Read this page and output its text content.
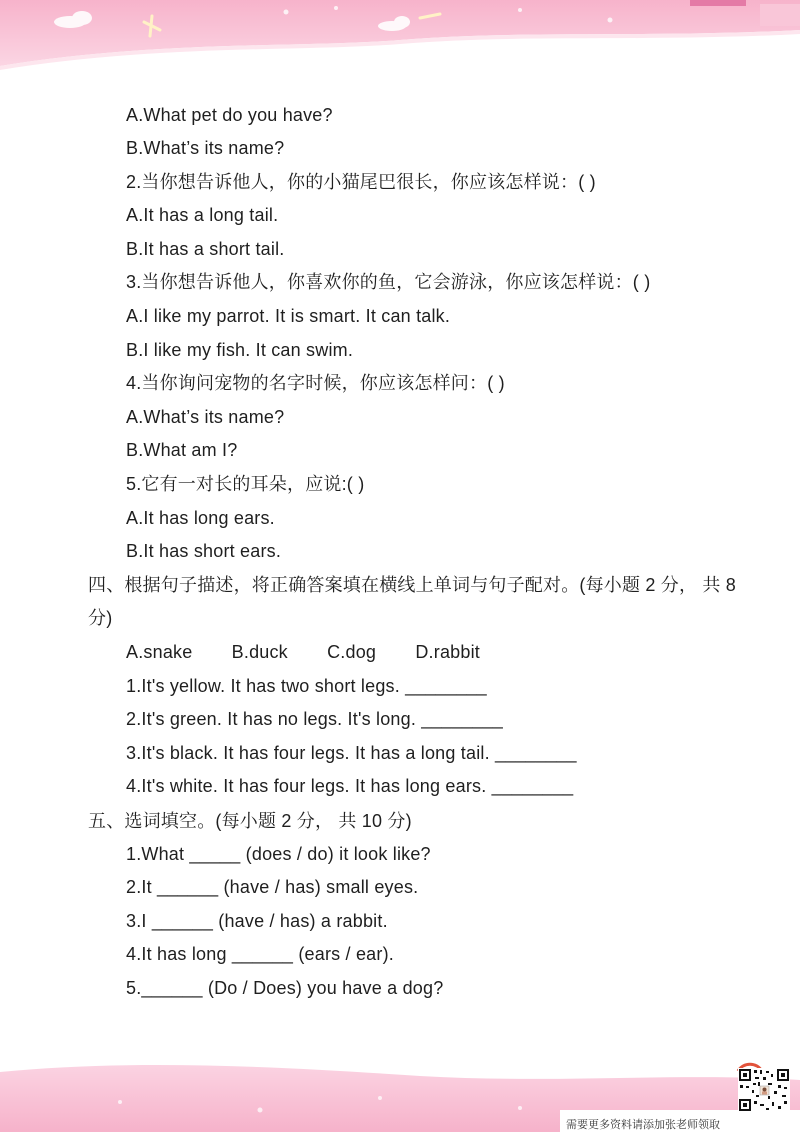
A.What pet do you have?
B.What’s its name?
2.当你想告诉他人，你的小猫尾巴很长，你应该怎样说：( )
A.It has a long tail.
B.It has a short tail.
3.当你想告诉他人，你喜欢你的鱼，它会游泳，你应该怎样说：( )
A.I like my parrot. It is smart. It can talk.
B.I like my fish. It can swim.
4.当你询问宠物的名字时候，你应该怎样问：( )
A.What’s its name?
B.What am I?
5.它有一对长的耳朵，应说:( )
A.It has long ears.
B.It has short ears.
四、根据句子描述，将正确答案填在横线上单词与句子配对。(每小题 2 分， 共 8 分)
A.snake B.duck C.dog D.rabbit
1.It's yellow. It has two short legs. ________
2.It's green. It has no legs. It's long. ________
3.It's black. It has four legs. It has a long tail. ________
4.It's white. It has four legs. It has long ears. ________
五、选词填空。(每小题 2 分， 共 10 分)
1.What _____ (does / do) it look like?
2.It ______ (have / has) small eyes.
3.I ______ (have / has) a rabbit.
4.It has long ______ (ears / ear).
5.______ (Do / Does) you have a dog?
需要更多资料请添加张老师领取
